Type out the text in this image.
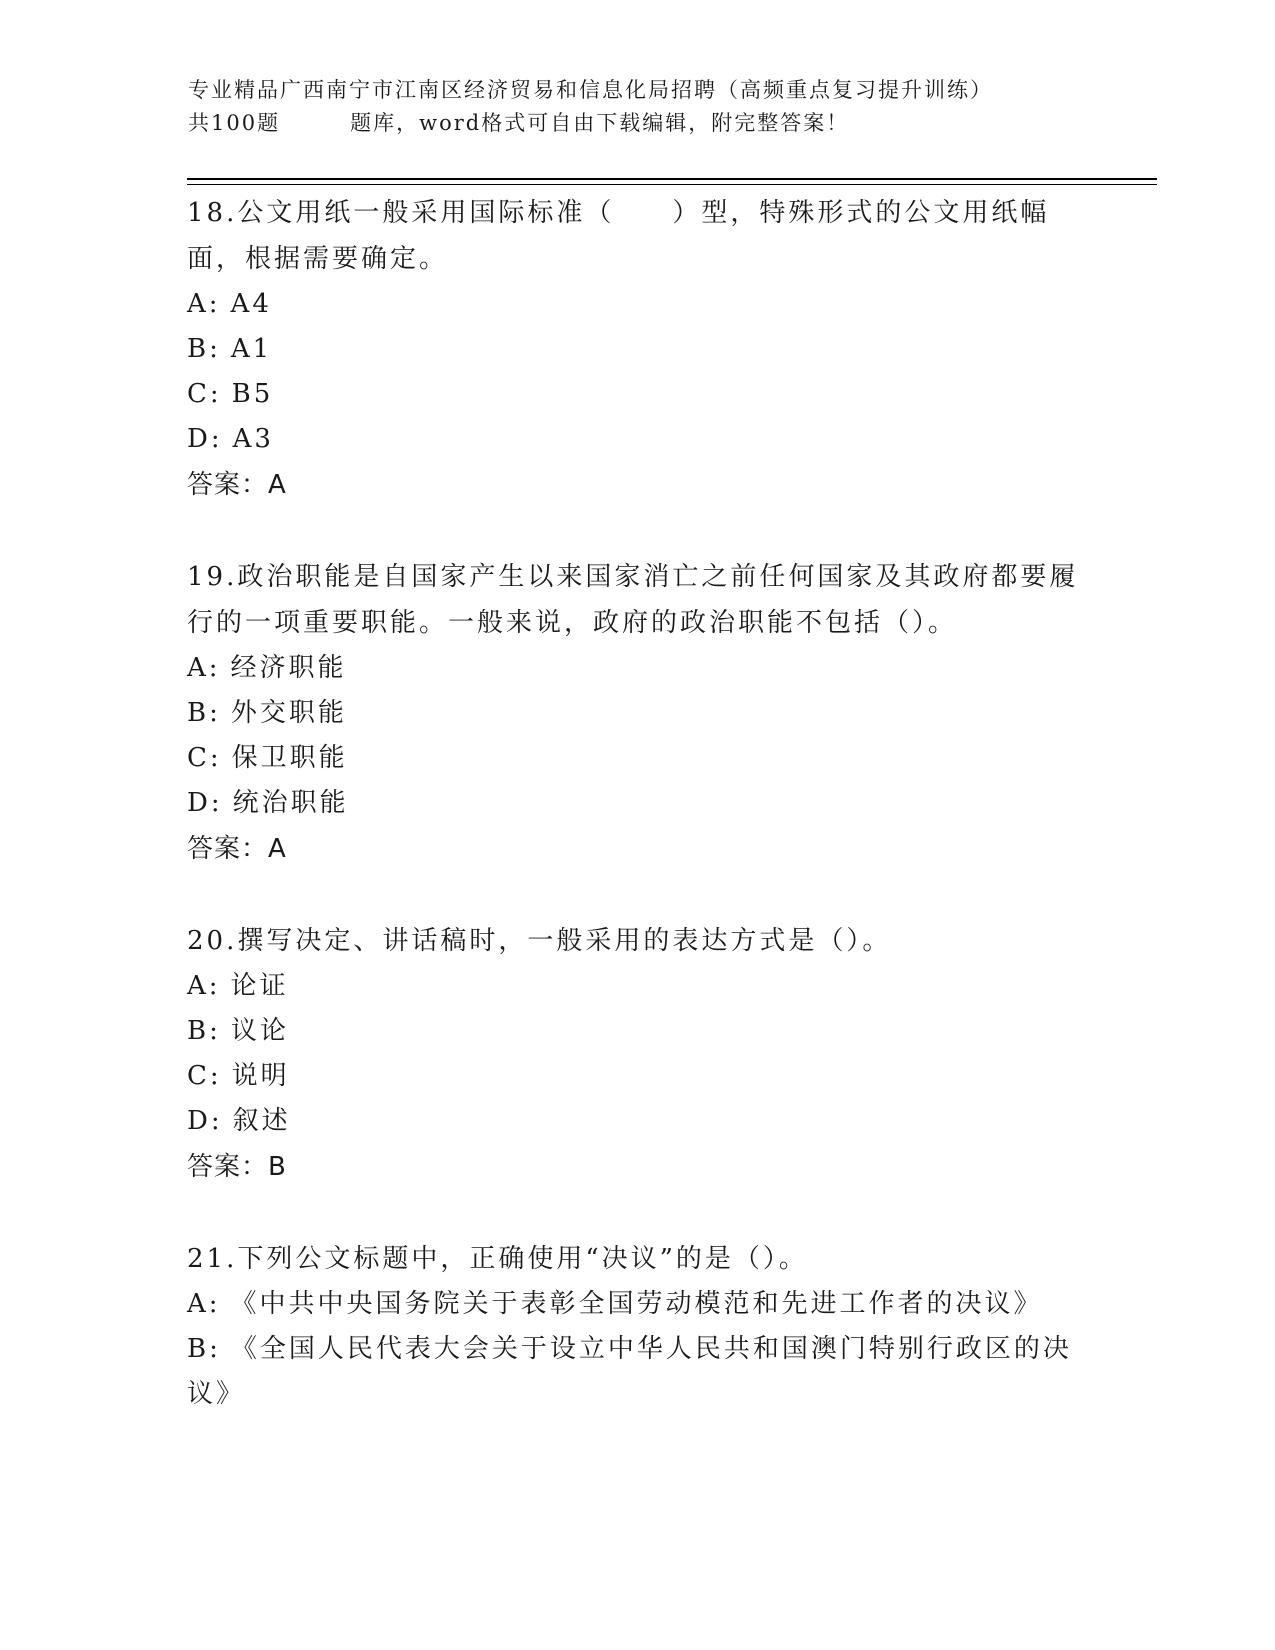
专业精品广西南宁市江南区经济贸易和信息化局招聘（高频重点复习提升训练）
共100题	题库，word格式可自由下载编辑，附完整答案！
18.公文用纸一般采用国际标准（　　）型，特殊形式的公文用纸幅面，根据需要确定。
A: A4
B: A1
C: B5
D: A3
答案：A
19.政治职能是自国家产生以来国家消亡之前任何国家及其政府都要履行的一项重要职能。一般来说，政府的政治职能不包括（）。
A: 经济职能
B: 外交职能
C: 保卫职能
D: 统治职能
答案：A
20.撰写决定、讲话稿时，一般采用的表达方式是（）。
A: 论证
B: 议论
C: 说明
D: 叙述
答案：B
21.下列公文标题中，正确使用“决议”的是（）。
A: 《中共中央国务院关于表彰全国劳动模范和先进工作者的决议》
B: 《全国人民代表大会关于设立中华人民共和国澳门特别行政区的决议》
